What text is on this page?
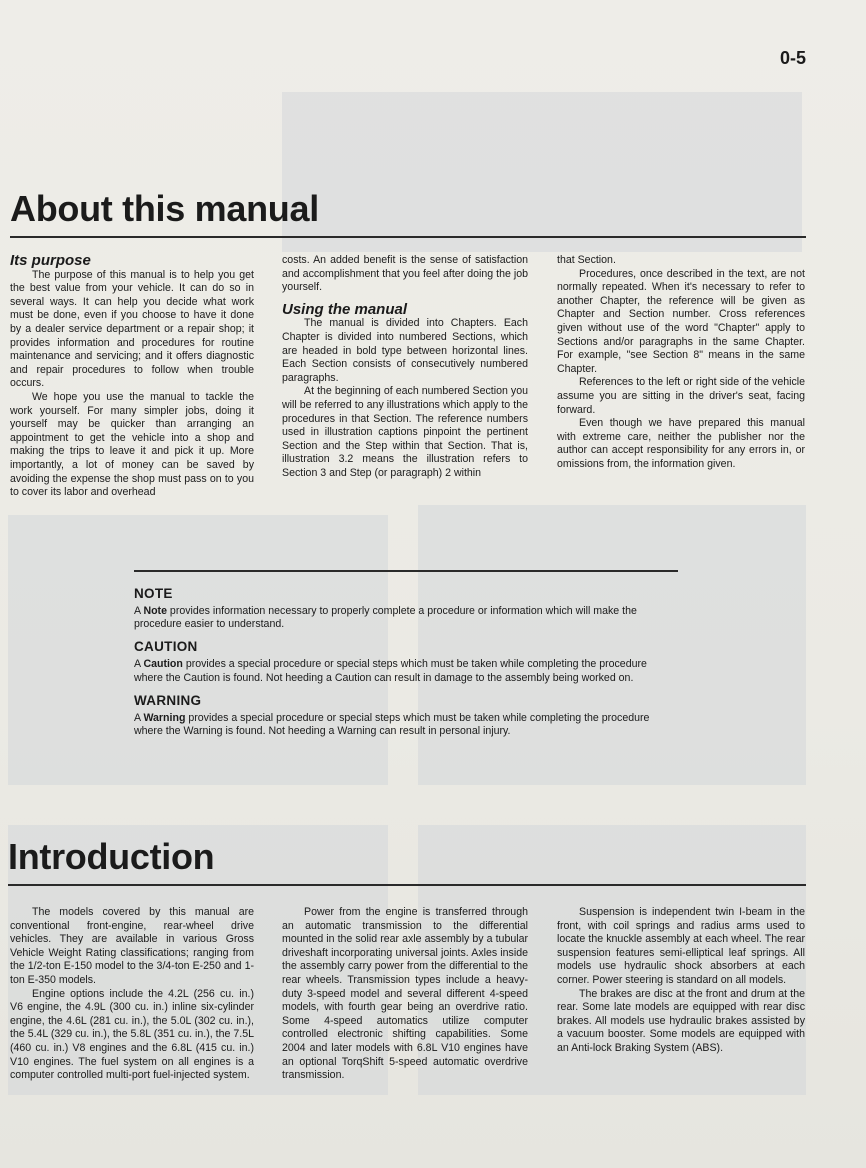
0-5
About this manual
Its purpose

The purpose of this manual is to help you get the best value from your vehicle. It can do so in several ways. It can help you decide what work must be done, even if you choose to have it done by a dealer service department or a repair shop; it provides information and procedures for routine maintenance and servicing; and it offers diagnostic and repair procedures to follow when trouble occurs.

We hope you use the manual to tackle the work yourself. For many simpler jobs, doing it yourself may be quicker than arranging an appointment to get the vehicle into a shop and making the trips to leave it and pick it up. More importantly, a lot of money can be saved by avoiding the expense the shop must pass on to you to cover its labor and overhead

costs. An added benefit is the sense of satisfaction and accomplishment that you feel after doing the job yourself.

Using the manual

The manual is divided into Chapters. Each Chapter is divided into numbered Sections, which are headed in bold type between horizontal lines. Each Section consists of consecutively numbered paragraphs.

At the beginning of each numbered Section you will be referred to any illustrations which apply to the procedures in that Section. The reference numbers used in illustration captions pinpoint the pertinent Section and the Step within that Section. That is, illustration 3.2 means the illustration refers to Section 3 and Step (or paragraph) 2 within

that Section.

Procedures, once described in the text, are not normally repeated. When it's necessary to refer to another Chapter, the reference will be given as Chapter and Section number. Cross references given without use of the word "Chapter" apply to Sections and/or paragraphs in the same Chapter. For example, "see Section 8" means in the same Chapter.

References to the left or right side of the vehicle assume you are sitting in the driver's seat, facing forward.

Even though we have prepared this manual with extreme care, neither the publisher nor the author can accept responsibility for any errors in, or omissions from, the information given.

NOTE

A Note provides information necessary to properly complete a procedure or information which will make the procedure easier to understand.

CAUTION

A Caution provides a special procedure or special steps which must be taken while completing the procedure where the Caution is found. Not heeding a Caution can result in damage to the assembly being worked on.

WARNING

A Warning provides a special procedure or special steps which must be taken while completing the procedure where the Warning is found. Not heeding a Warning can result in personal injury.

Introduction

The models covered by this manual are conventional front-engine, rear-wheel drive vehicles. They are available in various Gross Vehicle Weight Rating classifications; ranging from the 1/2-ton E-150 model to the 3/4-ton E-250 and 1-ton E-350 models.

Engine options include the 4.2L (256 cu. in.) V6 engine, the 4.9L (300 cu. in.) inline six-cylinder engine, the 4.6L (281 cu. in.), the 5.0L (302 cu. in.), the 5.4L (329 cu. in.), the 5.8L (351 cu. in.), the 7.5L (460 cu. in.) V8 engines and the 6.8L (415 cu. in.) V10 engines. The fuel system on all engines is a computer controlled multi-port fuel-injected system.

Power from the engine is transferred through an automatic transmission to the differential mounted in the solid rear axle assembly by a tubular driveshaft incorporating universal joints. Axles inside the assembly carry power from the differential to the rear wheels. Transmission types include a heavy-duty 3-speed model and several different 4-speed models, with fourth gear being an overdrive ratio. Some 4-speed automatics utilize computer controlled electronic shifting capabilities. Some 2004 and later models with 6.8L V10 engines have an optional TorqShift 5-speed automatic overdrive transmission.

Suspension is independent twin I-beam in the front, with coil springs and radius arms used to locate the knuckle assembly at each wheel. The rear suspension features semi-elliptical leaf springs. All models use hydraulic shock absorbers at each corner. Power steering is standard on all models.

The brakes are disc at the front and drum at the rear. Some late models are equipped with rear disc brakes. All models use hydraulic brakes assisted by a vacuum booster. Some models are equipped with an Anti-lock Braking System (ABS).
